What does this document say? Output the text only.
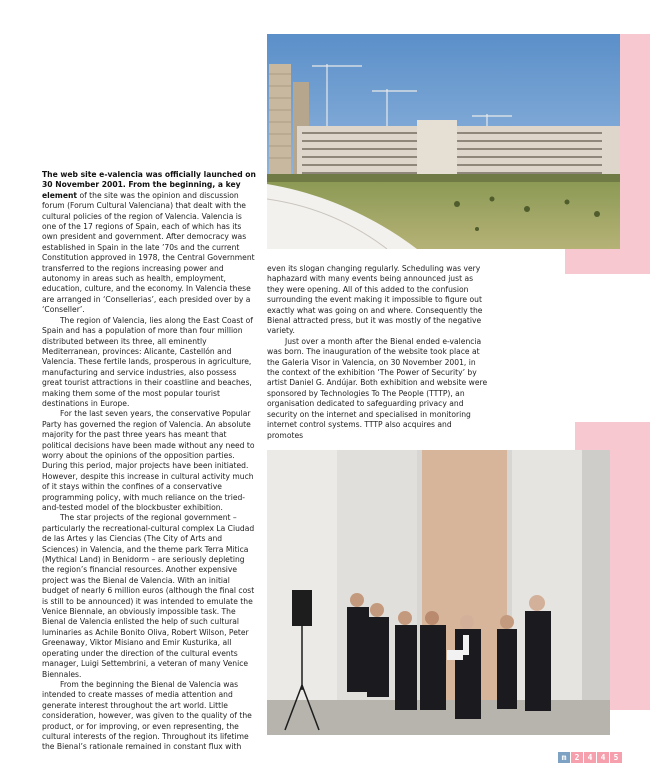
The web site e-valencia was officially launched on 30 November 2001. From the beginning, a key element of the site was the opinion and discussion forum (Forum Cultural Valenciana) that dealt with the cultural policies of the region of Valencia. Valencia is one of the 17 regions of Spain, each of which has its own president and government. After democracy was established in Spain in the late ’70s and the current Constitution approved in 1978, the Central Government transferred to the regions increasing power and autonomy in areas such as health, employment, education, culture, and the economy. In Valencia these are arranged in ‘Consellerias’, each presided over by a ‘Conseller’.

The region of Valencia, lies along the East Coast of Spain and has a population of more than four million distributed between its three, all eminently Mediterranean, provinces: Alicante, Castellón and Valencia. These fertile lands, prosperous in agriculture, manufacturing and service industries, also possess great tourist attractions in their coastline and beaches, making them some of the most popular tourist destinations in Europe.

For the last seven years, the conservative Popular Party has governed the region of Valencia. An absolute majority for the past three years has meant that political decisions have been made without any need to worry about the opinions of the opposition parties. During this period, major projects have been initiated. However, despite this increase in cultural activity much of it stays within the confines of a conservative programming policy, with much reliance on the tried-and-tested model of the blockbuster exhibition.

The star projects of the regional government – particularly the recreational-cultural complex La Ciudad de las Artes y las Ciencias (The City of Arts and Sciences) in Valencia, and the theme park Terra Mitica (Mythical Land) in Benidorm – are seriously depleting the region’s financial resources. Another expensive project was the Bienal de Valencia. With an initial budget of nearly 6 million euros (although the final cost is still to be announced) it was intended to emulate the Venice Biennale, an obviously impossible task. The Bienal de Valencia enlisted the help of such cultural luminaries as Achile Bonito Oliva, Robert Wilson, Peter Greenaway, Viktor Misiano and Emir Kusturika, all operating under the direction of the cultural events manager, Luigi Settembrini, a veteran of many Venice Biennales.

From the beginning the Bienal de Valencia was intended to create masses of media attention and generate interest throughout the art world. Little consideration, however, was given to the quality of the product, or for improving, or even representing, the cultural interests of the region. Throughout its lifetime the Bienal’s rationale remained in constant flux with

even its slogan changing regularly. Scheduling was very haphazard with many events being announced just as they were opening. All of this added to the confusion surrounding the event making it impossible to figure out exactly what was going on and where. Consequently the Bienal attracted press, but it was mostly of the negative variety.

Just over a month after the Bienal ended e-valencia was born. The inauguration of the website took place at the Galeria Visor in Valencia, on 30 November 2001, in the context of the exhibition ‘The Power of Security’ by artist Daniel G. Andújar. Both exhibition and website were sponsored by Technologies To The People (TTTP), an organisation dedicated to safeguarding privacy and security on the internet and specialised in monitoring internet control systems. TTTP also acquires and promotes

m	2	4	4	5
